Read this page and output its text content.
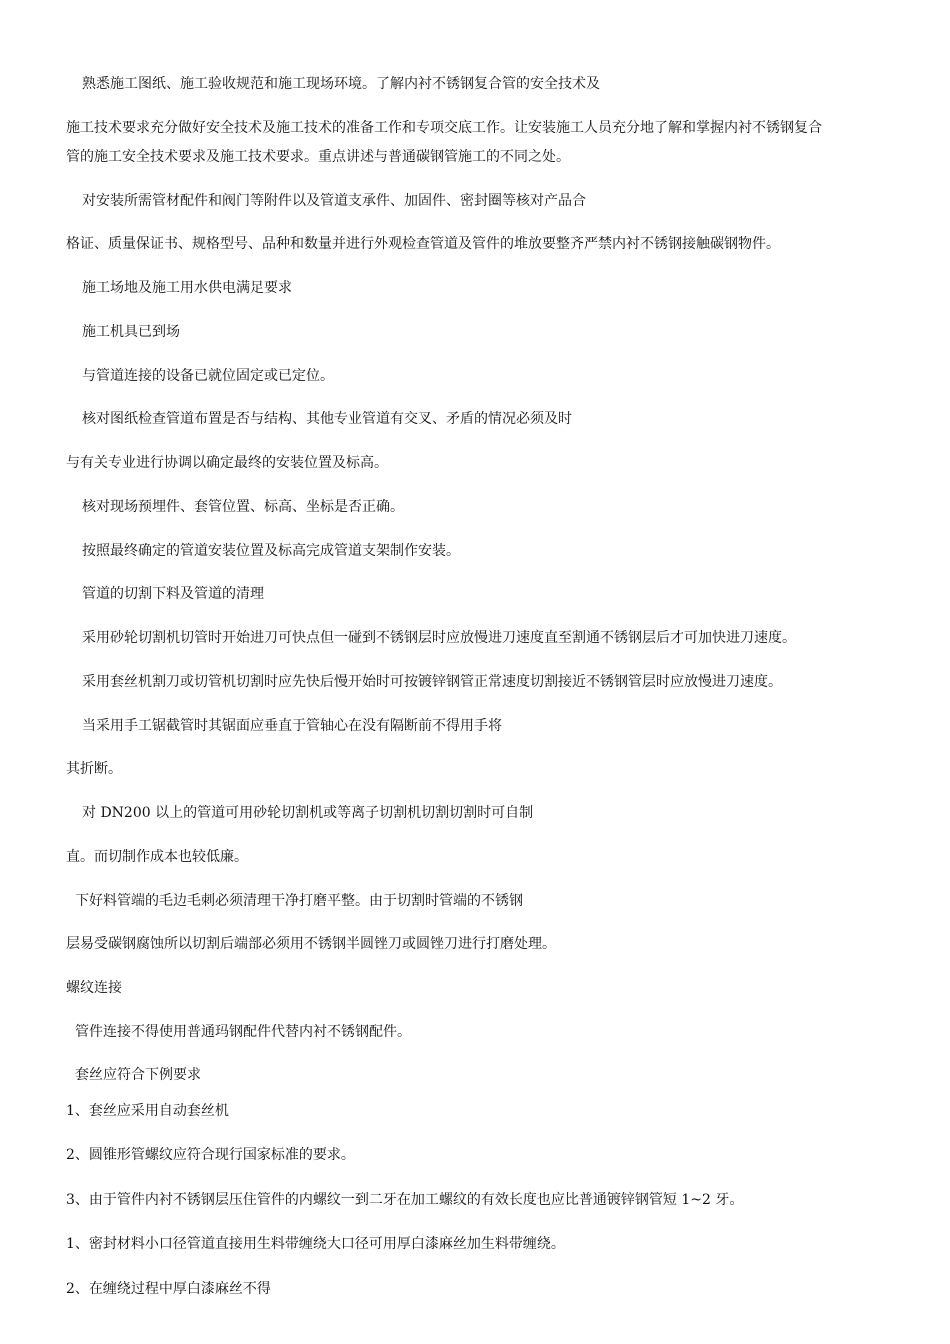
熟悉施工图纸、施工验收规范和施工现场环境。了解内衬不锈钢复合管的安全技术及
施工技术要求充分做好安全技术及施工技术的准备工作和专项交底工作。让安装施工人员充分地了解和掌握内衬不锈钢复合
管的施工安全技术要求及施工技术要求。重点讲述与普通碳钢管施工的不同之处。
对安装所需管材配件和阀门等附件以及管道支承件、加固件、密封圈等核对产品合
格证、质量保证书、规格型号、品种和数量并进行外观检查管道及管件的堆放要整齐严禁内衬不锈钢接触碳钢物件。
施工场地及施工用水供电满足要求
施工机具已到场
与管道连接的设备已就位固定或已定位。
核对图纸检查管道布置是否与结构、其他专业管道有交叉、矛盾的情况必须及时
与有关专业进行协调以确定最终的安装位置及标高。
核对现场预埋件、套管位置、标高、坐标是否正确。
按照最终确定的管道安装位置及标高完成管道支架制作安装。
管道的切割下料及管道的清理
采用砂轮切割机切管时开始进刀可快点但一碰到不锈钢层时应放慢进刀速度直至割通不锈钢层后才可加快进刀速度。
采用套丝机割刀或切管机切割时应先快后慢开始时可按镀锌钢管正常速度切割接近不锈钢管层时应放慢进刀速度。
当采用手工锯截管时其锯面应垂直于管轴心在没有隔断前不得用手将
其折断。
对 DN200 以上的管道可用砂轮切割机或等离子切割机切割切割时可自制
直。而切制作成本也较低廉。
下好料管端的毛边毛刺必须清理干净打磨平整。由于切割时管端的不锈钢
层易受碳钢腐蚀所以切割后端部必须用不锈钢半圆锉刀或圆锉刀进行打磨处理。
螺纹连接
管件连接不得使用普通玛钢配件代替内衬不锈钢配件。
套丝应符合下例要求
1、套丝应采用自动套丝机
2、圆锥形管螺纹应符合现行国家标准的要求。
3、由于管件内衬不锈钢层压住管件的内螺纹一到二牙在加工螺纹的有效长度也应比普通镀锌钢管短 1~2 牙。
1、密封材料小口径管道直接用生料带缠绕大口径可用厚白漆麻丝加生料带缠绕。
2、在缠绕过程中厚白漆麻丝不得
